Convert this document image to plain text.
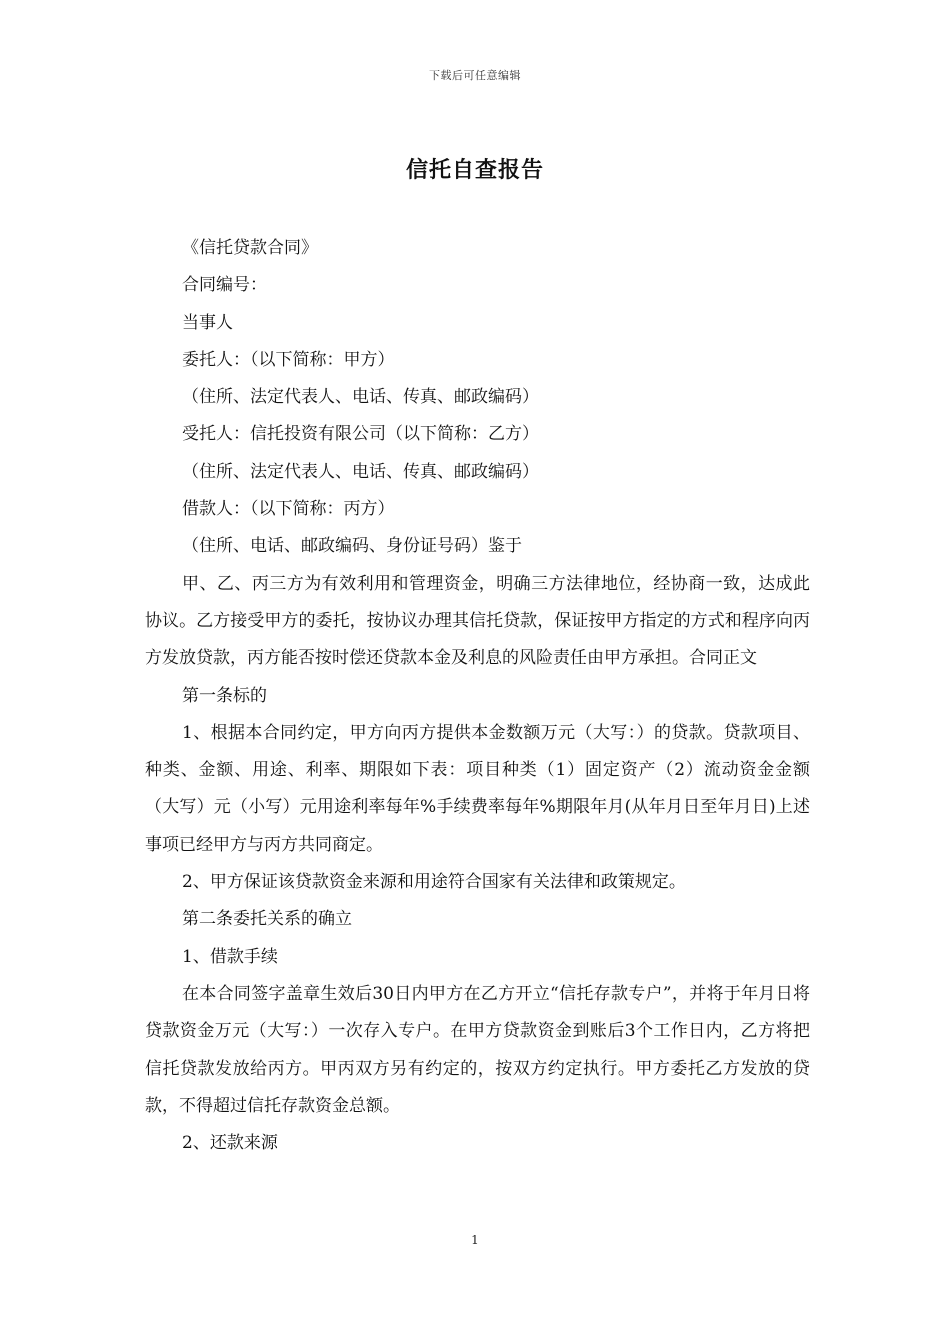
下载后可任意编辑
信托自查报告

《信托贷款合同》

合同编号：

当事人

委托人：（以下简称：甲方）

（住所、法定代表人、电话、传真、邮政编码）

受托人：信托投资有限公司（以下简称：乙方）

（住所、法定代表人、电话、传真、邮政编码）

借款人：（以下简称：丙方）

（住所、电话、邮政编码、身份证号码）鉴于

甲、乙、丙三方为有效利用和管理资金，明确三方法律地位，经协商一致，达成此协议。乙方接受甲方的委托，按协议办理其信托贷款，保证按甲方指定的方式和程序向丙方发放贷款，丙方能否按时偿还贷款本金及利息的风险责任由甲方承担。合同正文

第一条标的

1、根据本合同约定，甲方向丙方提供本金数额万元（大写：）的贷款。贷款项目、种类、金额、用途、利率、期限如下表：项目种类（1）固定资产（2）流动资金金额（大写）元（小写）元用途利率每年%手续费率每年%期限年月(从年月日至年月日)上述事项已经甲方与丙方共同商定。

2、甲方保证该贷款资金来源和用途符合国家有关法律和政策规定。

第二条委托关系的确立

1、借款手续

在本合同签字盖章生效后30日内甲方在乙方开立“信托存款专户”，并将于年月日将贷款资金万元（大写：）一次存入专户。在甲方贷款资金到账后3个工作日内，乙方将把信托贷款发放给丙方。甲丙双方另有约定的，按双方约定执行。甲方委托乙方发放的贷款，不得超过信托存款资金总额。

2、还款来源

1
